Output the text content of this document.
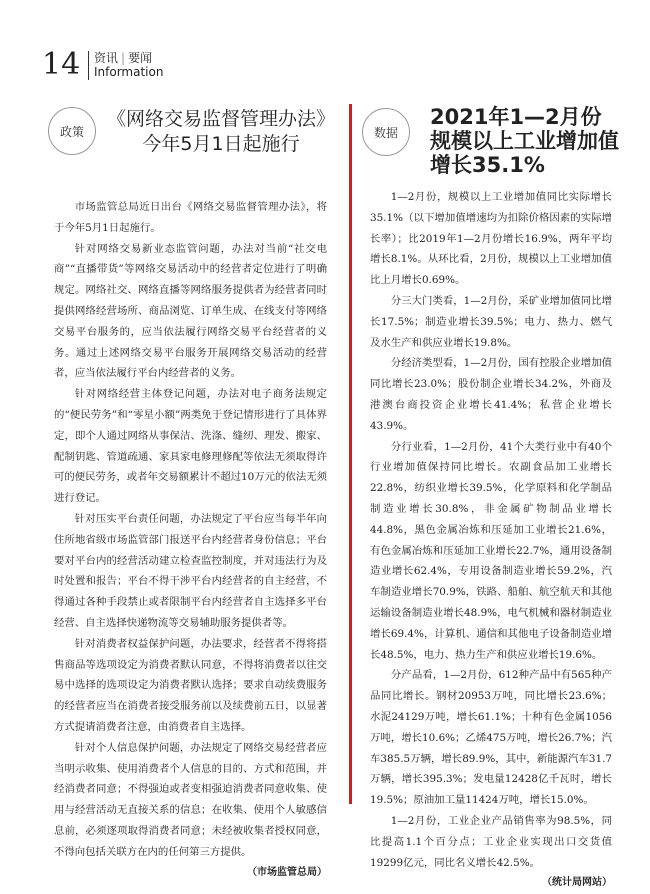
14 资讯 | 要闻
Information
政策
《网络交易监督管理办法》今年5月1日起施行
数据
2021年1—2月份规模以上工业增加值增长35.1%

市场监管总局近日出台《网络交易监督管理办法》，将于今年5月1日起施行。

针对网络交易新业态监管问题，办法对当前“社交电商”“直播带货”等网络交易活动中的经营者定位进行了明确规定。网络社交、网络直播等网络服务提供者为经营者同时提供网络经营场所、商品浏览、订单生成、在线支付等网络交易平台服务的，应当依法履行网络交易平台经营者的义务。通过上述网络交易平台服务开展网络交易活动的经营者，应当依法履行平台内经营者的义务。

针对网络经营主体登记问题，办法对电子商务法规定的“便民劳务”和“零星小额”两类免于登记情形进行了具体界定，即个人通过网络从事保洁、洗涤、缝纫、理发、搬家、配制钥匙、管道疏通、家具家电修理修配等依法无须取得许可的便民劳务，或者年交易额累计不超过10万元的依法无须进行登记。

针对压实平台责任问题，办法规定了平台应当每半年向住所地省级市场监管部门报送平台内经营者身份信息；平台要对平台内的经营活动建立检查监控制度，并对违法行为及时处置和报告；平台不得干涉平台内经营者的自主经营，不得通过各种手段禁止或者限制平台内经营者自主选择多平台经营、自主选择快递物流等交易辅助服务提供者等。

针对消费者权益保护问题，办法要求，经营者不得将搭售商品等选项设定为消费者默认同意，不得将消费者以往交易中选择的选项设定为消费者默认选择；要求自动续费服务的经营者应当在消费者接受服务前以及续费前五日，以显著方式提请消费者注意，由消费者自主选择。

针对个人信息保护问题，办法规定了网络交易经营者应当明示收集、使用消费者个人信息的目的、方式和范围，并经消费者同意；不得强迫或者变相强迫消费者同意收集、使用与经营活动无直接关系的信息；在收集、使用个人敏感信息前，必须逐项取得消费者同意；未经被收集者授权同意，不得向包括关联方在内的任何第三方提供。

（市场监管总局）

1—2月份，规模以上工业增加值同比实际增长35.1%（以下增加值增速均为扣除价格因素的实际增长率）；比2019年1—2月份增长16.9%，两年平均增长8.1%。从环比看，2月份，规模以上工业增加值比上月增长0.69%。

分三大门类看，1—2月份，采矿业增加值同比增长17.5%；制造业增长39.5%；电力、热力、燃气及水生产和供应业增长19.8%。

分经济类型看，1—2月份，国有控股企业增加值同比增长23.0%；股份制企业增长34.2%，外商及港澳台商投资企业增长41.4%；私营企业增长43.9%。

分行业看，1—2月份，41个大类行业中有40个行业增加值保持同比增长。农副食品加工业增长22.8%，纺织业增长39.5%，化学原料和化学制品制造业增长30.8%，非金属矿物制品业增长44.8%，黑色金属冶炼和压延加工业增长21.6%，有色金属冶炼和压延加工业增长22.7%，通用设备制造业增长62.4%，专用设备制造业增长59.2%，汽车制造业增长70.9%，铁路、船舶、航空航天和其他运输设备制造业增长48.9%，电气机械和器材制造业增长69.4%，计算机、通信和其他电子设备制造业增长48.5%，电力、热力生产和供应业增长19.6%。

分产品看，1—2月份，612种产品中有565种产品同比增长。钢材20953万吨，同比增长23.6%；水泥24129万吨，增长61.1%；十种有色金属1056万吨，增长10.6%；乙烯475万吨，增长26.7%；汽车385.5万辆，增长89.9%，其中，新能源汽车31.7万辆，增长395.3%；发电量12428亿千瓦时，增长19.5%；原油加工量11424万吨，增长15.0%。

1—2月份，工业企业产品销售率为98.5%，同比提高1.1个百分点；工业企业实现出口交货值19299亿元，同比名义增长42.5%。

（统计局网站）
